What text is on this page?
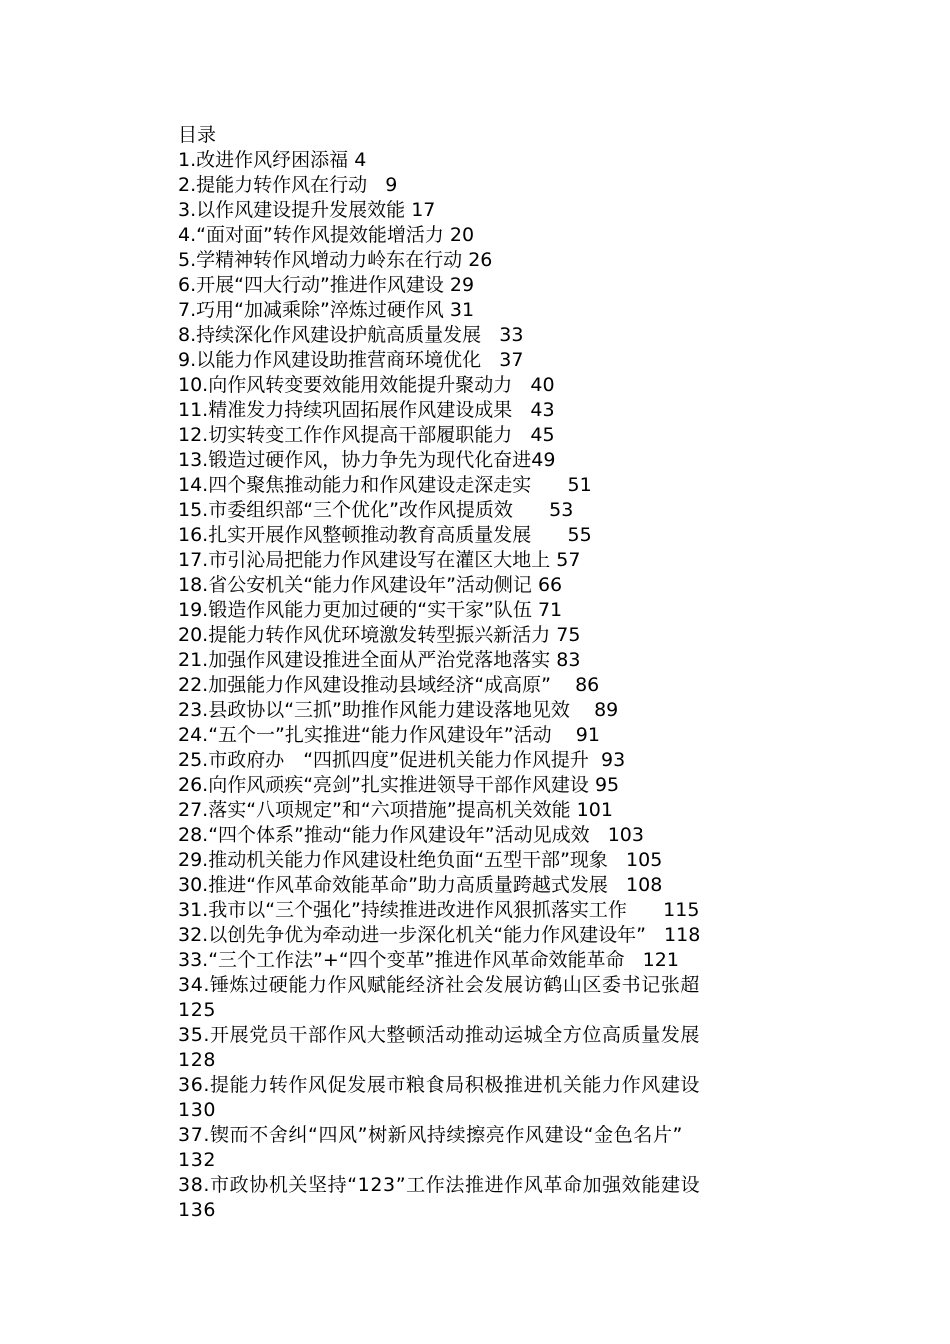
目录
1.改进作风纾困添福 4
2.提能力转作风在行动 9
3.以作风建设提升发展效能 17
4.“面对面”转作风提效能增活力 20
5.学精神转作风增动力岭东在行动 26
6.开展“四大行动”推进作风建设 29
7.巧用“加减乘除”淬炼过硬作风 31
8.持续深化作风建设护航高质量发展 33
9.以能力作风建设助推营商环境优化 37
10.向作风转变要效能用效能提升聚动力 40
11.精准发力持续巩固拓展作风建设成果 43
12.切实转变工作作风提高干部履职能力 45
13.锻造过硬作风，协力争先为现代化奋进49
14.四个聚焦推动能力和作风建设走深走实 51
15.市委组织部“三个优化”改作风提质效 53
16.扎实开展作风整顿推动教育高质量发展 55
17.市引沁局把能力作风建设写在灌区大地上 57
18.省公安机关“能力作风建设年”活动侧记 66
19.锻造作风能力更加过硬的“实干家”队伍 71
20.提能力转作风优环境激发转型振兴新活力 75
21.加强作风建设推进全面从严治党落地落实 83
22.加强能力作风建设推动县域经济“成高原” 86
23.县政协以“三抓”助推作风能力建设落地见效 89
24.“五个一”扎实推进“能力作风建设年”活动 91
25.市政府办　“四抓四度”促进机关能力作风提升 93
26.向作风顽疾“亮剑”扎实推进领导干部作风建设 95
27.落实“八项规定”和“六项措施”提高机关效能 101
28.“四个体系”推动“能力作风建设年”活动见成效 103
29.推动机关能力作风建设杜绝负面“五型干部”现象 105
30.推进“作风革命效能革命”助力高质量跨越式发展 108
31.我市以“三个强化”持续推进改进作风狠抓落实工作 115
32.以创先争优为牵动进一步深化机关“能力作风建设年” 118
33.“三个工作法”+“四个变革”推进作风革命效能革命 121
34.锤炼过硬能力作风赋能经济社会发展访鹤山区委书记张超
125
35.开展党员干部作风大整顿活动推动运城全方位高质量发展
128
36.提能力转作风促发展市粮食局积极推进机关能力作风建设
130
37.锲而不舍纠“四风”树新风持续擦亮作风建设“金色名片”
132
38.市政协机关坚持“123”工作法推进作风革命加强效能建设
136
